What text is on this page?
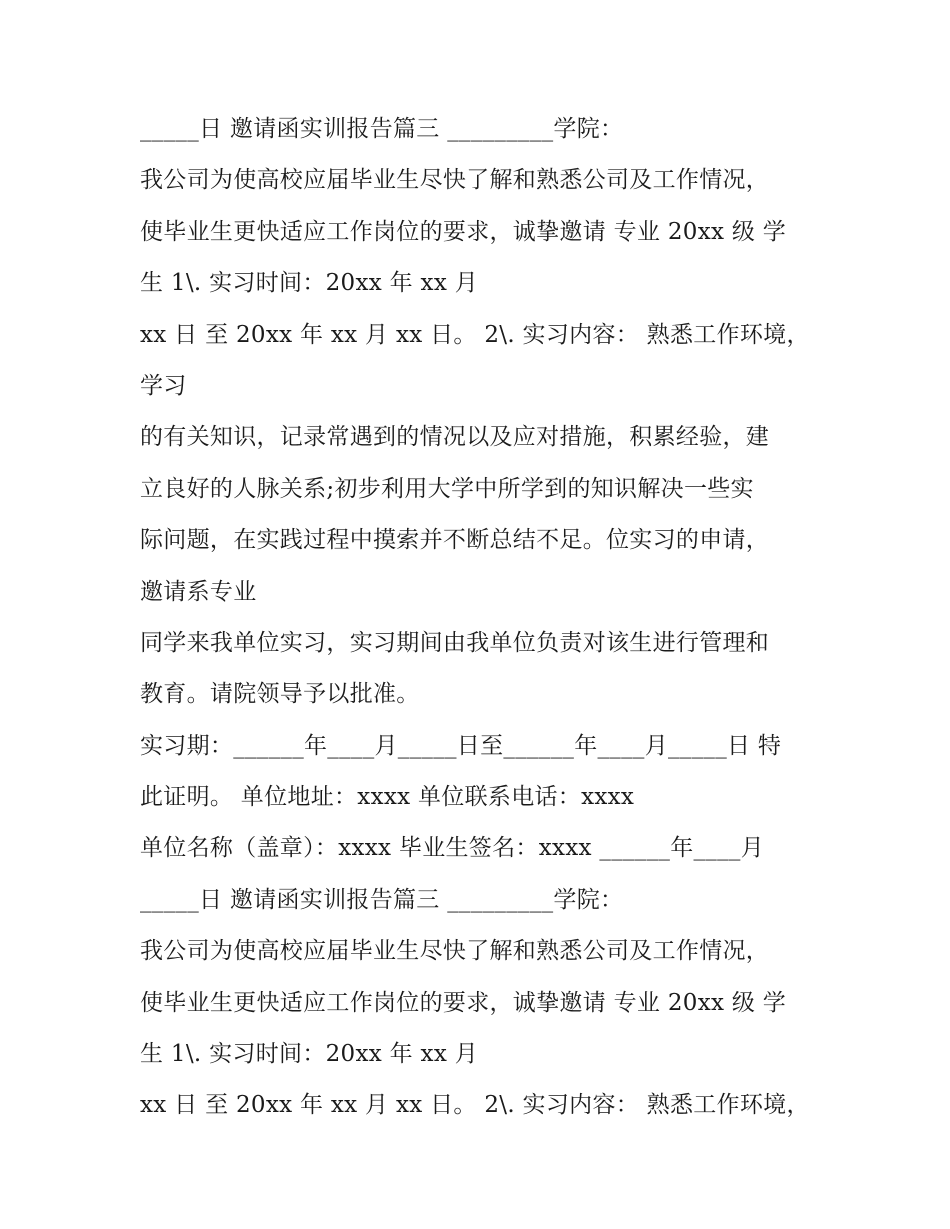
_____日 邀请函实训报告篇三 _________学院：
我公司为使高校应届毕业生尽快了解和熟悉公司及工作情况，
使毕业生更快适应工作岗位的要求，诚挚邀请 专业 20xx 级 学
生 1\. 实习时间：20xx 年 xx 月
xx 日 至 20xx 年 xx 月 xx 日。 2\. 实习内容： 熟悉工作环境，
学习
的有关知识，记录常遇到的情况以及应对措施，积累经验，建
立良好的人脉关系;初步利用大学中所学到的知识解决一些实
际问题，在实践过程中摸索并不断总结不足。位实习的申请，
邀请系专业
同学来我单位实习，实习期间由我单位负责对该生进行管理和
教育。请院领导予以批准。
实习期：______年____月_____日至______年____月_____日 特
此证明。 单位地址：xxxx 单位联系电话：xxxx
单位名称（盖章）：xxxx 毕业生签名：xxxx ______年____月
_____日 邀请函实训报告篇三 _________学院：
我公司为使高校应届毕业生尽快了解和熟悉公司及工作情况，
使毕业生更快适应工作岗位的要求，诚挚邀请 专业 20xx 级 学
生 1\. 实习时间：20xx 年 xx 月
xx 日 至 20xx 年 xx 月 xx 日。 2\. 实习内容： 熟悉工作环境，
